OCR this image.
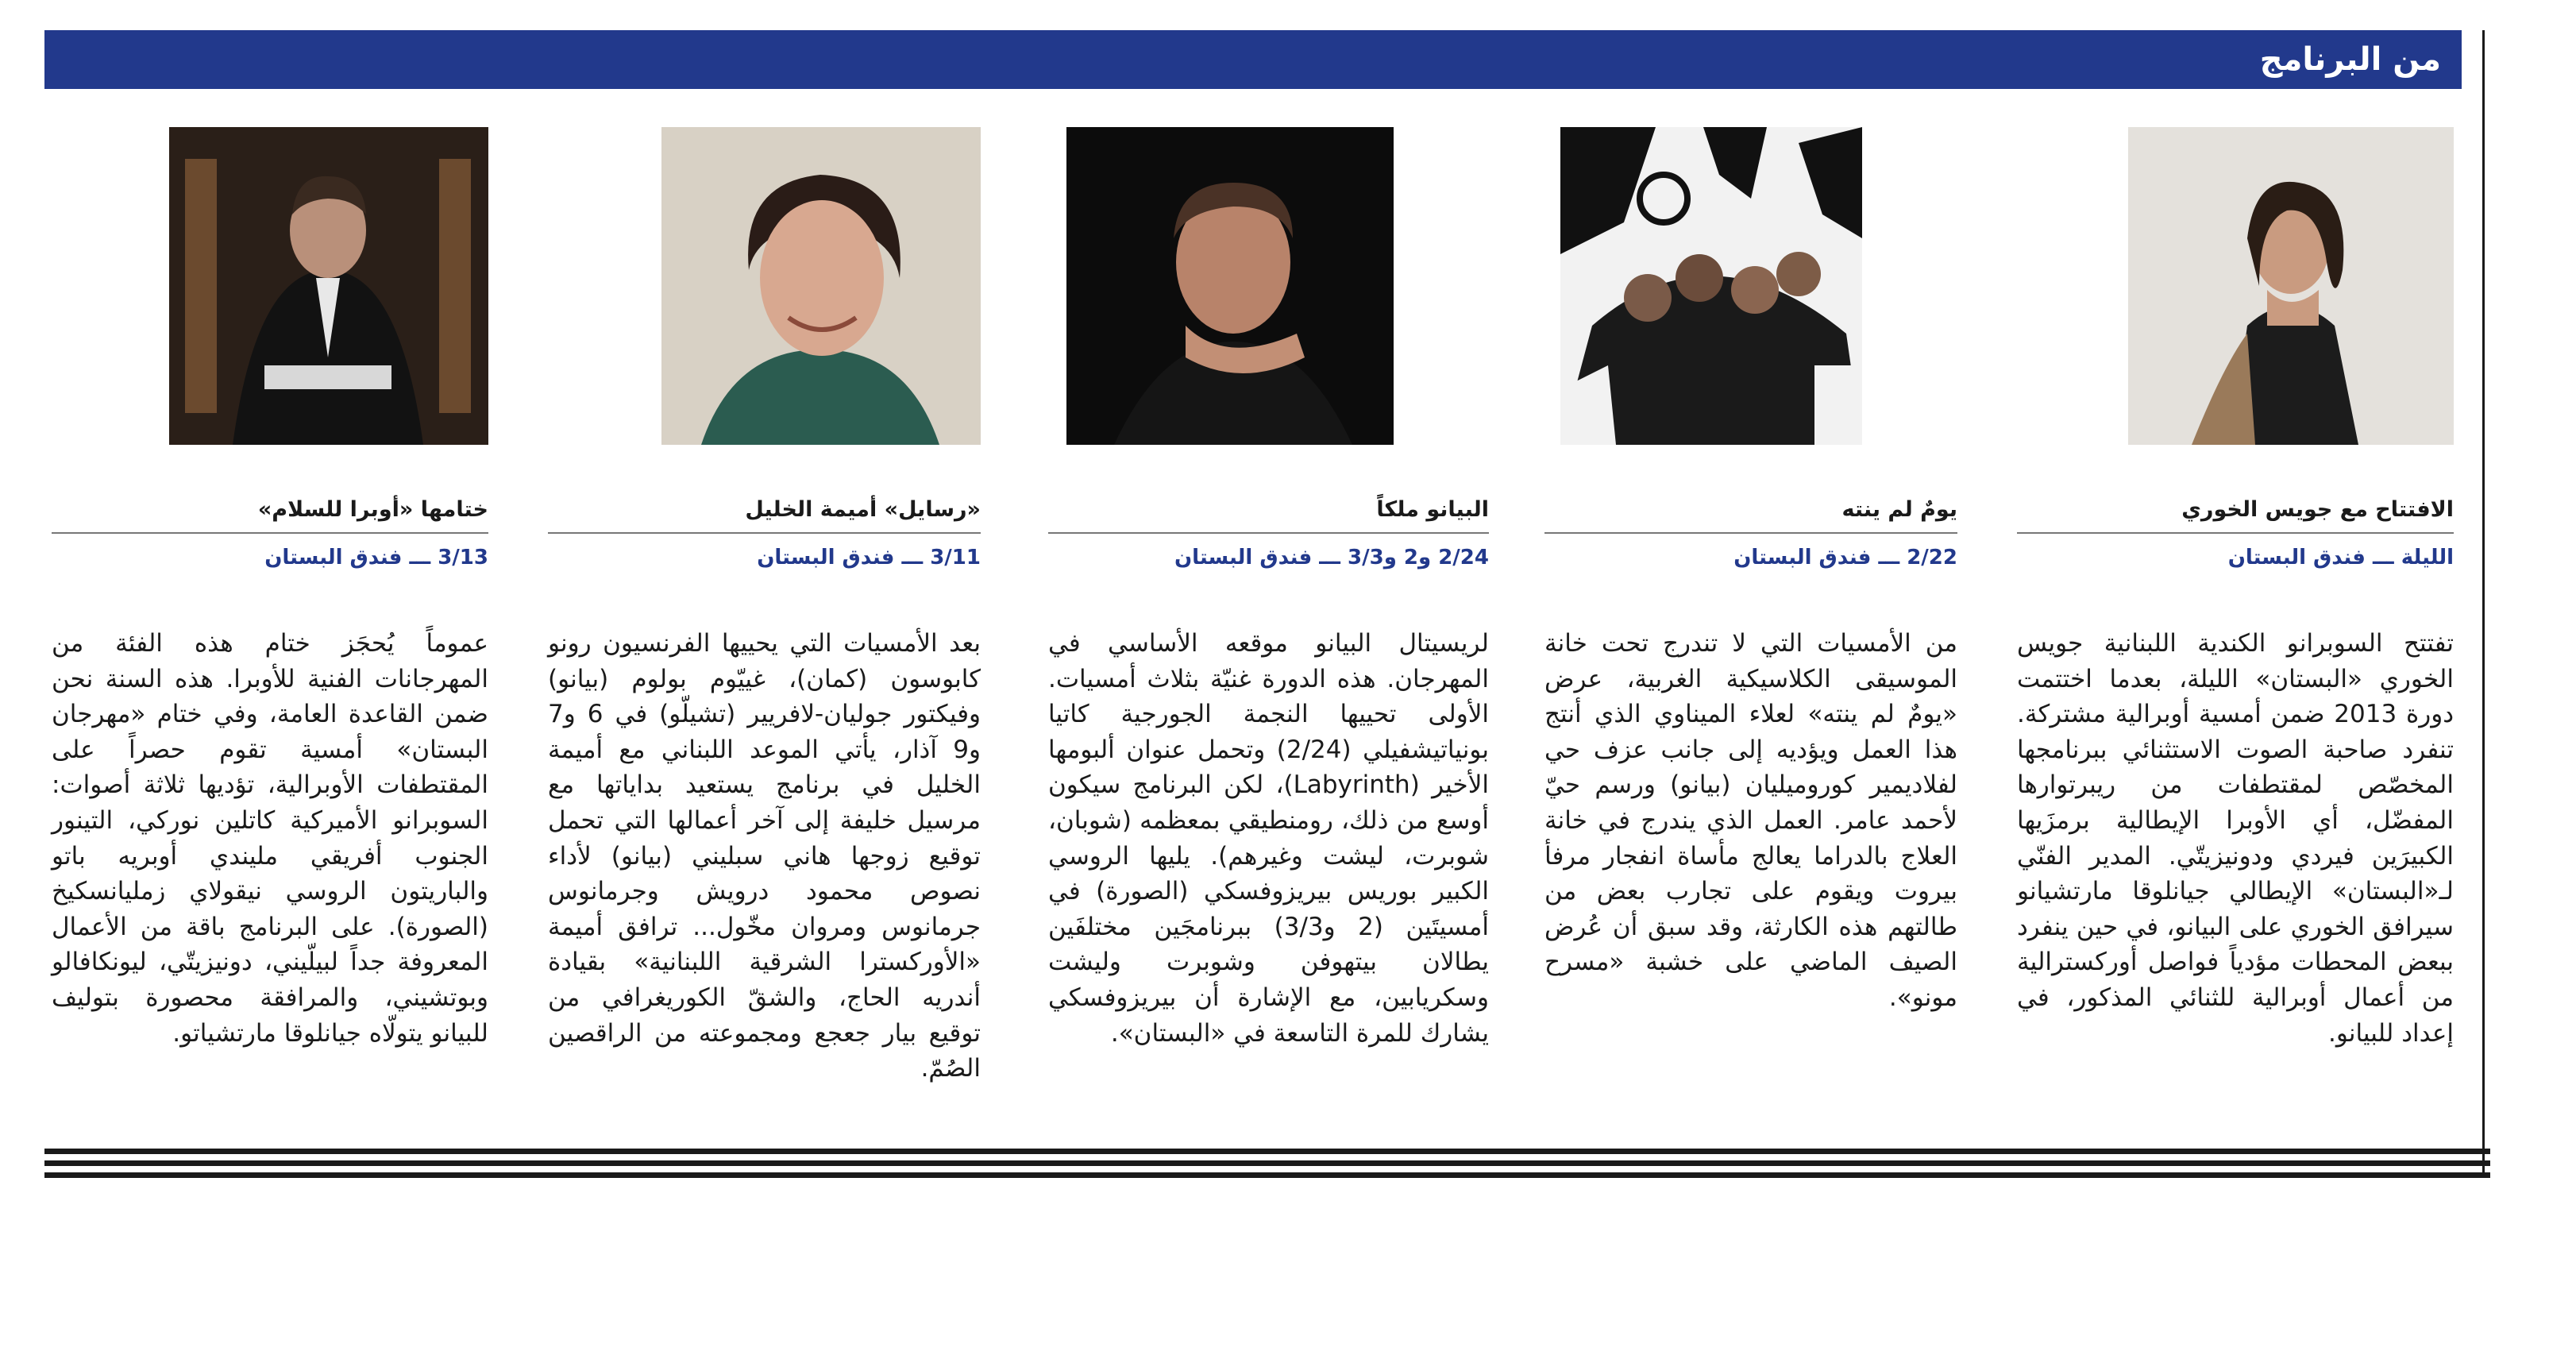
من البرنامج
الافتتاح مع جويس الخوري
الليلة ـــ فندق البستان
تفتتح السوبرانو الكندية اللبنانية جويس الخوري «البستان» الليلة، بعدما اختتمت دورة 2013 ضمن أمسية أوبرالية مشتركة. تنفرد صاحبة الصوت الاستثنائي ببرنامجها المخصّص لمقتطفات من ريبرتوارها المفضّل، أي الأوبرا الإيطالية برمزَيها الكبيرَين فيردي ودونيزيتّي. المدير الفنّي لـ«البستان» الإيطالي جيانلوقا مارتشيانو سيرافق الخوري على البيانو، في حين ينفرد ببعض المحطات مؤدياً فواصل أوركسترالية من أعمال أوبرالية للثنائي المذكور، في إعداد للبيانو.
يومٌ لم ينته
2/22 ـــ فندق البستان
من الأمسيات التي لا تندرج تحت خانة الموسيقى الكلاسيكية الغربية، عرض «يومٌ لم ينته» لعلاء الميناوي الذي أنتج هذا العمل ويؤديه إلى جانب عزف حي لفلاديمير كوروميليان (بيانو) ورسم حيّ لأحمد عامر. العمل الذي يندرج في خانة العلاج بالدراما يعالج مأساة انفجار مرفأ بيروت ويقوم على تجارب بعض من طالتهم هذه الكارثة، وقد سبق أن عُرض الصيف الماضي على خشبة «مسرح مونو».
البيانو ملكاً
2/24 و2 و3/3 ـــ فندق البستان
لريسيتال البيانو موقعه الأساسي في المهرجان. هذه الدورة غنيّة بثلاث أمسيات. الأولى تحييها النجمة الجورجية كاتيا بونياتيشفيلي (2/24) وتحمل عنوان ألبومها الأخير (Labyrinth)، لكن البرنامج سيكون أوسع من ذلك، رومنطيقي بمعظمه (شوبان، شوبرت، ليشت وغيرهم). يليها الروسي الكبير بوريس بيريزوفسكي (الصورة) في أمسيتَين (2 و3/3) ببرنامجَين مختلفَين يطالان بيتهوفن وشوبرت وليشت وسكريابين، مع الإشارة أن بيريزوفسكي يشارك للمرة التاسعة في «البستان».
«رسايل» أميمة الخليل
3/11 ـــ فندق البستان
بعد الأمسيات التي يحييها الفرنسيون رونو كابوسون (كمان)، غييّوم بولوم (بيانو) وفيكتور جوليان-لافريير (تشيلّو) في 6 و7 و9 آذار، يأتي الموعد اللبناني مع أميمة الخليل في برنامج يستعيد بداياتها مع مرسيل خليفة إلى آخر أعمالها التي تحمل توقيع زوجها هاني سبليني (بيانو) لأداء نصوص محمود درويش وجرمانوس جرمانوس ومروان مخّول... ترافق أميمة «الأوركسترا الشرقية اللبنانية» بقيادة أندريه الحاج، والشقّ الكوريغرافي من توقيع بيار جعجع ومجموعته من الراقصين الصُمّ.
ختامها «أوبرا للسلام»
3/13 ـــ فندق البستان
عموماً يُحجَز ختام هذه الفئة من المهرجانات الفنية للأوبرا. هذه السنة نحن ضمن القاعدة العامة، وفي ختام «مهرجان البستان» أمسية تقوم حصراً على المقتطفات الأوبرالية، تؤديها ثلاثة أصوات: السوبرانو الأميركية كاتلين نوركي، التينور الجنوب أفريقي مليندي أوبريه باتو والباريتون الروسي نيقولاي زملیانسكيخ (الصورة). على البرنامج باقة من الأعمال المعروفة جداً لبيلّيني، دونيزيتّي، ليونكافالو وبوتشيني، والمرافقة محصورة بتوليف للبيانو يتولّاه جيانلوقا مارتشياتو.
